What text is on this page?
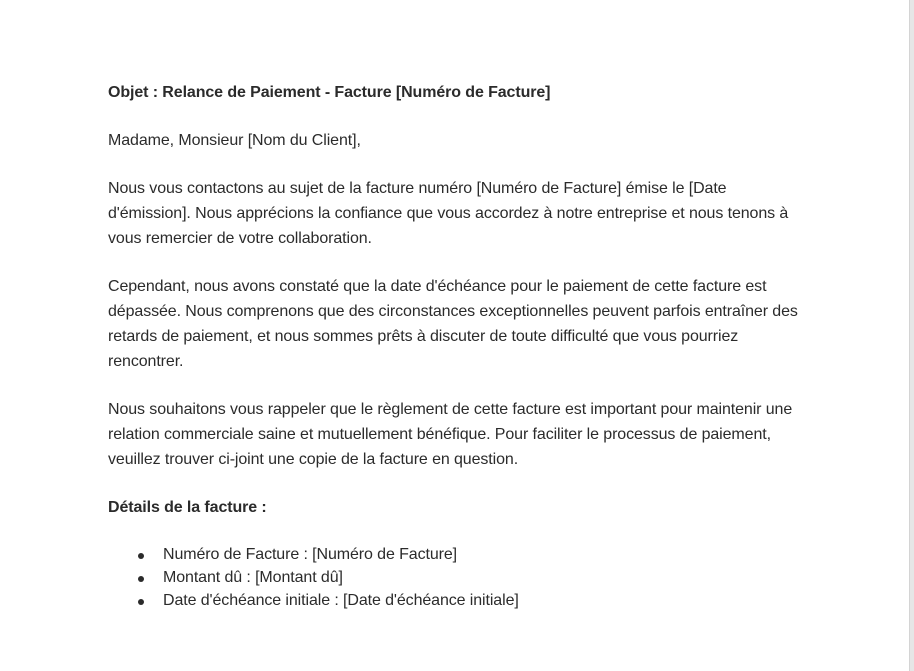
Objet : Relance de Paiement - Facture [Numéro de Facture]

Madame, Monsieur [Nom du Client],

Nous vous contactons au sujet de la facture numéro [Numéro de Facture] émise le [Date d'émission]. Nous apprécions la confiance que vous accordez à notre entreprise et nous tenons à vous remercier de votre collaboration.

Cependant, nous avons constaté que la date d'échéance pour le paiement de cette facture est dépassée. Nous comprenons que des circonstances exceptionnelles peuvent parfois entraîner des retards de paiement, et nous sommes prêts à discuter de toute difficulté que vous pourriez rencontrer.

Nous souhaitons vous rappeler que le règlement de cette facture est important pour maintenir une relation commerciale saine et mutuellement bénéfique. Pour faciliter le processus de paiement, veuillez trouver ci-joint une copie de la facture en question.

Détails de la facture :

Numéro de Facture : [Numéro de Facture]
Montant dû : [Montant dû]
Date d'échéance initiale : [Date d'échéance initiale]
